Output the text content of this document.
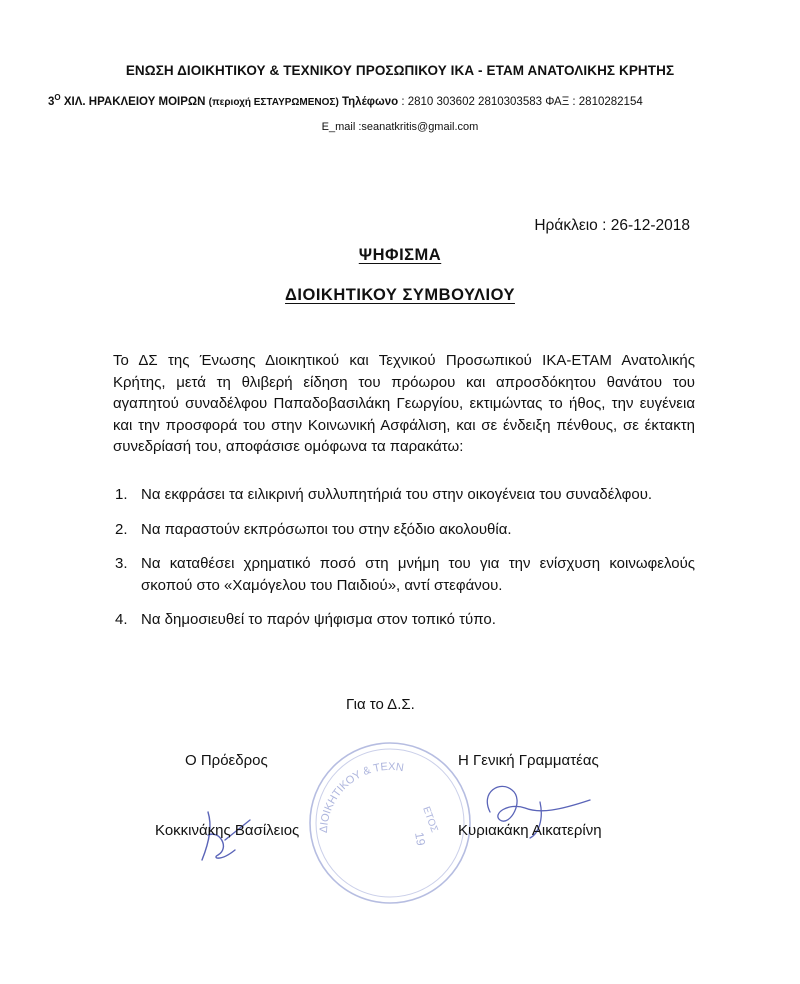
ΕΝΩΣΗ ΔΙΟΙΚΗΤΙΚΟΥ & ΤΕΧΝΙΚΟΥ ΠΡΟΣΩΠΙΚΟΥ ΙΚΑ - ΕΤΑΜ ΑΝΑΤΟΛΙΚΗΣ ΚΡΗΤΗΣ
$3^O$ ΧΙΛ. ΗΡΑΚΛΕΙΟΥ ΜΟΙΡΩΝ (περιοχή ΕΣΤΑΥΡΩΜΕΝΟΣ) Τηλέφωνο : 2810 303602 2810303583 ΦΑΞ : 2810282154
E_mail :seanatkritis@gmail.com
Ηράκλειο : 26-12-2018
ΨΗΦΙΣΜΑ
ΔΙΟΙΚΗΤΙΚΟΥ ΣΥΜΒΟΥΛΙΟΥ
Το ΔΣ της Ένωσης Διοικητικού και Τεχνικού Προσωπικού ΙΚΑ-ΕΤΑΜ Ανατολικής Κρήτης, μετά τη θλιβερή είδηση του πρόωρου και απροσδόκητου θανάτου του αγαπητού συναδέλφου Παπαδοβασιλάκη Γεωργίου, εκτιμώντας το ήθος, την ευγένεια και την προσφορά του στην Κοινωνική Ασφάλιση, και σε ένδειξη πένθους, σε έκτακτη συνεδρίασή του, αποφάσισε ομόφωνα τα παρακάτω:
1. Να εκφράσει τα ειλικρινή συλλυπητήριά του στην οικογένεια του συναδέλφου.
2. Να παραστούν εκπρόσωποι του στην εξόδιο ακολουθία.
3. Να καταθέσει χρηματικό ποσό στη μνήμη του για την ενίσχυση κοινωφελούς σκοπού στο «Χαμόγελου του Παιδιού», αντί στεφάνου.
4. Να δημοσιευθεί το παρόν ψήφισμα στον τοπικό τύπο.
Για το Δ.Σ.
ΔΙΟΙΚΗΤΙΚΟΥ & ΤΕΧΝ
ΕΤΟΣ
19
Ο Πρόεδρος	Η Γενική Γραμματέας
Κοκκινάκης Βασίλειος	Κυριακάκη Αικατερίνη
